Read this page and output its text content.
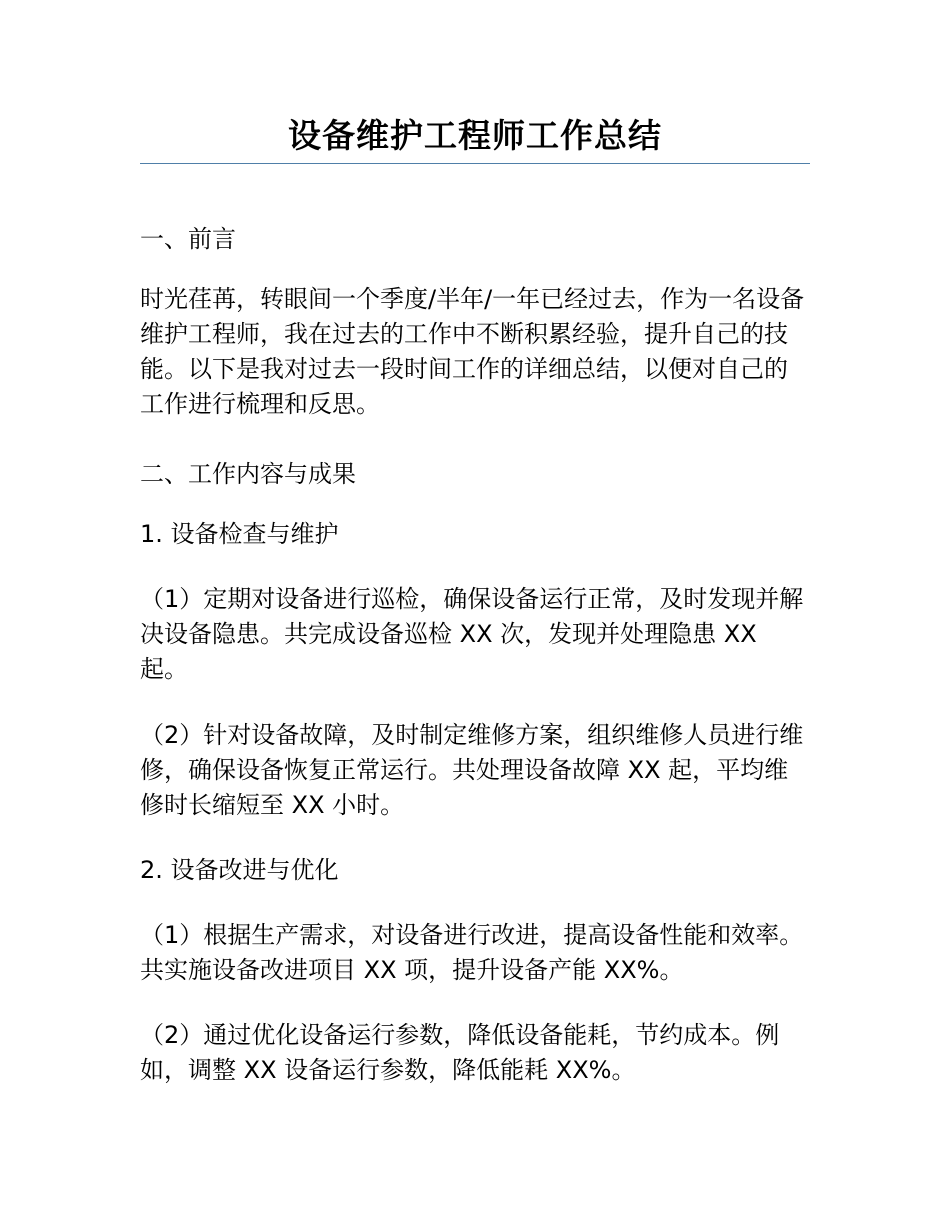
设备维护工程师工作总结

一、前言

时光荏苒，转眼间一个季度/半年/一年已经过去，作为一名设备维护工程师，我在过去的工作中不断积累经验，提升自己的技能。以下是我对过去一段时间工作的详细总结，以便对自己的工作进行梳理和反思。

二、工作内容与成果

1. 设备检查与维护

（1）定期对设备进行巡检，确保设备运行正常，及时发现并解决设备隐患。共完成设备巡检 XX 次，发现并处理隐患 XX 起。

（2）针对设备故障，及时制定维修方案，组织维修人员进行维修，确保设备恢复正常运行。共处理设备故障 XX 起，平均维修时长缩短至 XX 小时。

2. 设备改进与优化

（1）根据生产需求，对设备进行改进，提高设备性能和效率。共实施设备改进项目 XX 项，提升设备产能 XX%。

（2）通过优化设备运行参数，降低设备能耗，节约成本。例如，调整 XX 设备运行参数，降低能耗 XX%。
